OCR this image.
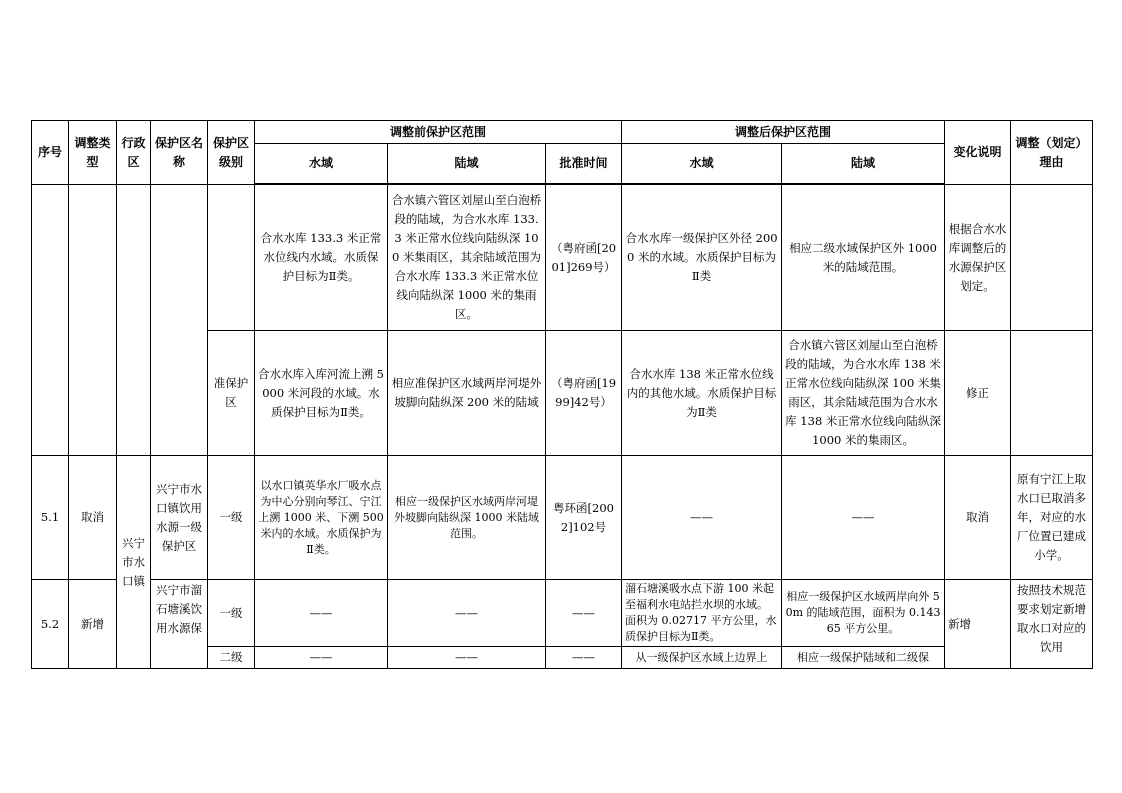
序号	调整类型	行政区	保护区名称	保护区级别	调整前保护区范围			调整后保护区范围		变化说明	调整（划定）理由
					水域	陆域	批准时间	水域	陆域		

					合水水库 133.3 米正常水位线内水域。水质保护目标为Ⅱ类。	合水镇六管区刘屋山至白泡桥段的陆域，为合水水库 133.3 米正常水位线向陆纵深 100 米集雨区，其余陆域范围为合水水库 133.3 米正常水位线向陆纵深 1000 米的集雨区。	（粤府函[2001]269号）	合水水库一级保护区外径 2000 米的水域。水质保护目标为Ⅱ类	相应二级水域保护区外 1000 米的陆域范围。	根据合水水库调整后的水源保护区划定。	
				准保护区	合水水库入库河流上溯 5000 米河段的水域。水质保护目标为Ⅱ类。	相应准保护区水域两岸河堤外坡脚向陆纵深 200 米的陆域	（粤府函[1999]42号）	合水水库 138 米正常水位线内的其他水域。水质保护目标为Ⅱ类	合水镇六管区刘屋山至白泡桥段的陆域，为合水水库 138 米正常水位线向陆纵深 100 米集雨区，其余陆域范围为合水水库 138 米正常水位线向陆纵深 1000 米的集雨区。	修正	
5.1	取消	兴宁市水口镇	兴宁市水口镇饮用水源一级保护区	一级	以水口镇英华水厂吸水点为中心分别向琴江、宁江上溯 1000 米、下溯 500 米内的水域。水质保护为Ⅱ类。	相应一级保护区水域两岸河堤外坡脚向陆纵深 1000 米陆域范围。	粤环函[2002]102号	——	——	取消	原有宁江上取水口已取消多年，对应的水厂位置已建成小学。
5.2	新增		兴宁市溜石塘溪饮用水源保	一级	——	——	——	溜石塘溪吸水点下游 100 米起至福利水电站拦水坝的水域。面积为 0.02717 平方公里，水质保护目标为Ⅱ类。	相应一级保护区水域两岸向外 50m 的陆域范围，面积为 0.14365 平方公里。	新增	按照技术规范要求划定新增取水口对应的饮用
				二级	——	——	——	从一级保护区水域上边界上	相应一级保护陆域和二级保		
